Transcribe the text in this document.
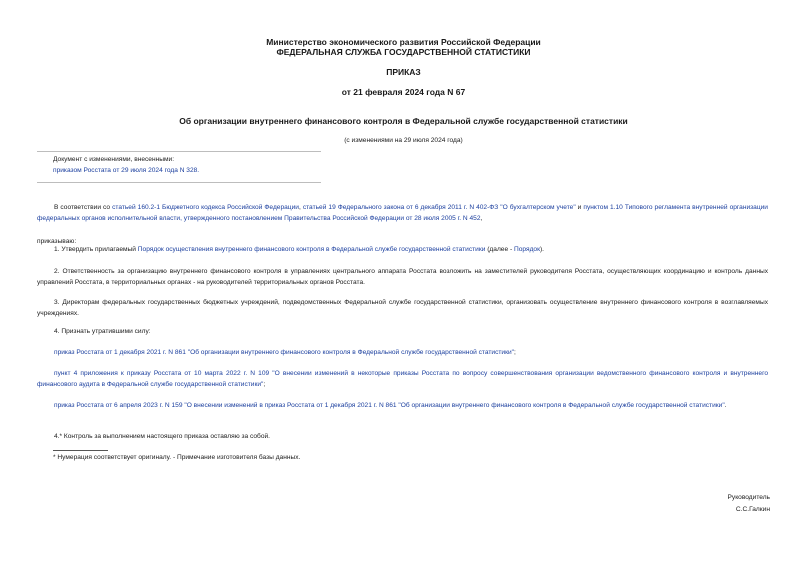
Министерство экономического развития Российской Федерации
ФЕДЕРАЛЬНАЯ СЛУЖБА ГОСУДАРСТВЕННОЙ СТАТИСТИКИ
ПРИКАЗ
от 21 февраля 2024 года N 67
Об организации внутреннего финансового контроля в Федеральной службе государственной статистики
(с изменениями на 29 июля 2024 года)
Документ с изменениями, внесенными:
приказом Росстата от 29 июля 2024 года N 328.
В соответствии со статьей 160.2-1 Бюджетного кодекса Российской Федерации, статьей 19 Федерального закона от 6 декабря 2011 г. N 402-ФЗ "О бухгалтерском учете" и пунктом 1.10 Типового регламента внутренней организации федеральных органов исполнительной власти, утвержденного постановлением Правительства Российской Федерации от 28 июля 2005 г. N 452,
приказываю:
1. Утвердить прилагаемый Порядок осуществления внутреннего финансового контроля в Федеральной службе государственной статистики (далее - Порядок).
2. Ответственность за организацию внутреннего финансового контроля в управлениях центрального аппарата Росстата возложить на заместителей руководителя Росстата, осуществляющих координацию и контроль данных управлений Росстата, в территориальных органах - на руководителей территориальных органов Росстата.
3. Директорам федеральных государственных бюджетных учреждений, подведомственных Федеральной службе государственной статистики, организовать осуществление внутреннего финансового контроля в возглавляемых учреждениях.
4. Признать утратившими силу:
приказ Росстата от 1 декабря 2021 г. N 861 "Об организации внутреннего финансового контроля в Федеральной службе государственной статистики";
пункт 4 приложения к приказу Росстата от 10 марта 2022 г. N 109 "О внесении изменений в некоторые приказы Росстата по вопросу совершенствования организации ведомственного финансового контроля и внутреннего финансового аудита в Федеральной службе государственной статистики";
приказ Росстата от 6 апреля 2023 г. N 159 "О внесении изменений в приказ Росстата от 1 декабря 2021 г. N 861 "Об организации внутреннего финансового контроля в Федеральной службе государственной статистики".
4.* Контроль за выполнением настоящего приказа оставляю за собой.
* Нумерация соответствует оригиналу. - Примечание изготовителя базы данных.
Руководитель
С.С.Галкин
